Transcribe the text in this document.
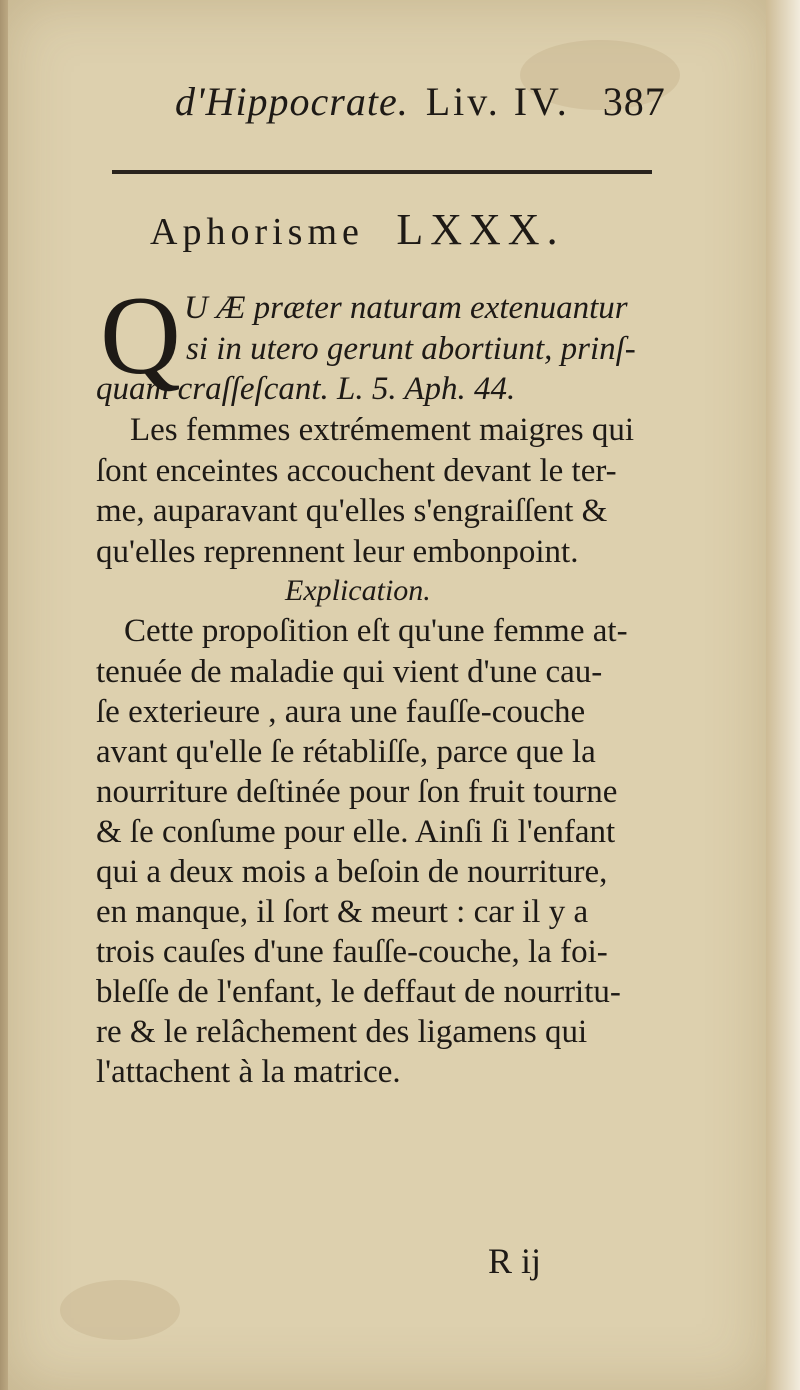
d'Hippocrate. Liv. IV. 387
Aphorisme LXXX.
Q U Æ præter naturam extenuantur
si in utero gerunt abortiunt, prinſ-
quam craſſeſcant. L. 5. Aph. 44.
Les femmes extrémement maigres qui
ſont enceintes accouchent devant le ter-
me, auparavant qu'elles s'engraiſſent &
qu'elles reprennent leur embonpoint.
Explication.
Cette propoſition eſt qu'une femme at-
tenuée de maladie qui vient d'une cau-
ſe exterieure , aura une fauſſe-couche
avant qu'elle ſe rétabliſſe, parce que la
nourriture deſtinée pour ſon fruit tourne
& ſe conſume pour elle. Ainſi ſi l'enfant
qui a deux mois a beſoin de nourriture,
en manque, il ſort & meurt : car il y a
trois cauſes d'une fauſſe-couche, la foi-
bleſſe de l'enfant, le deffaut de nourritu-
re & le relâchement des ligamens qui
l'attachent à la matrice.
R ij
